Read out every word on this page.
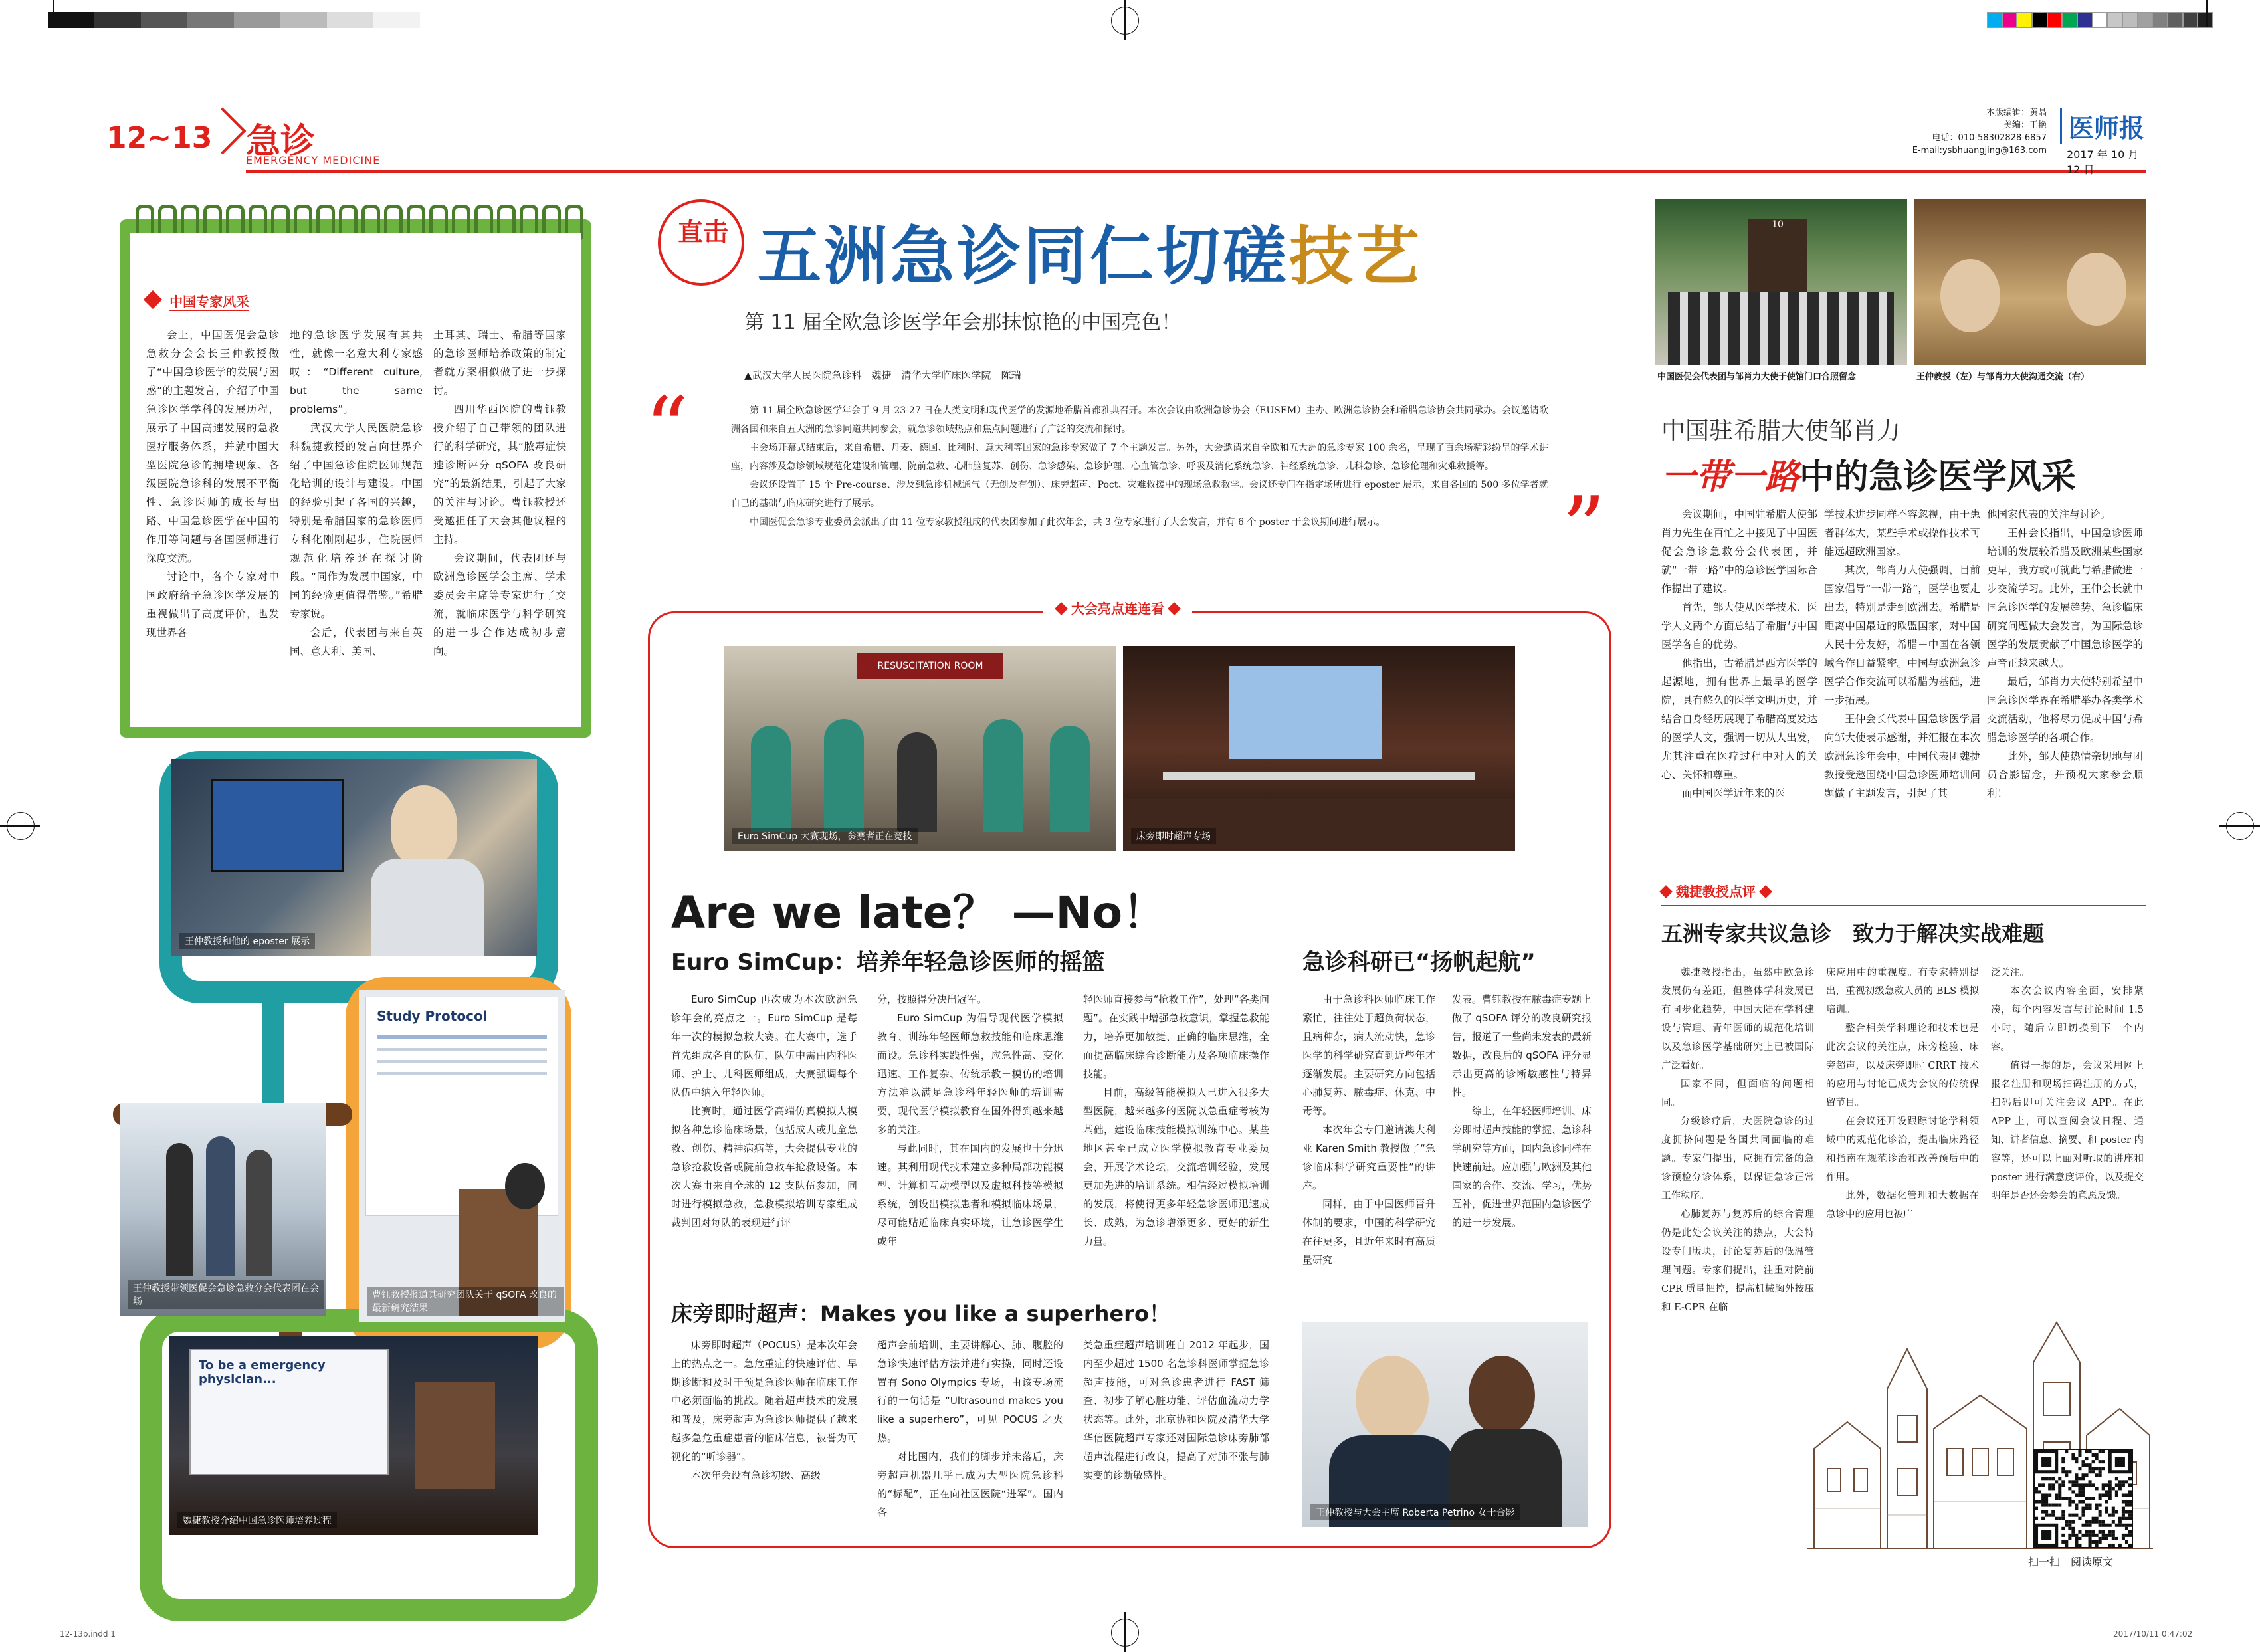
12~13 急诊
EMERGENCY MEDICINE
本版编辑：黄晶
美编：王艳
电话：010-58302828-6857
E-mail:ysbhuangjing@163.com
医师报
2017 年 10 月 12 日
中国专家风采

会上，中国医促会急诊急救分会会长王仲教授做了“中国急诊医学的发展与困惑”的主题发言，介绍了中国急诊医学学科的发展历程，展示了中国高速发展的急救医疗服务体系，并就中国大型医院急诊的拥堵现象、各级医院急诊科的发展不平衡性、急诊医师的成长与出路、中国急诊医学在中国的作用等问题与各国医师进行深度交流。

讨论中，各个专家对中国政府给予急诊医学发展的重视做出了高度评价，也发现世界各

地的急诊医学发展有其共性，就像一名意大利专家感叹：“Different culture, but the same problems”。

武汉大学人民医院急诊科魏捷教授的发言向世界介绍了中国急诊住院医师规范化培训的设计与建设。中国的经验引起了各国的兴趣，特别是希腊国家的急诊医师专科化刚刚起步，住院医师规范化培养还在探讨阶段。“同作为发展中国家，中国的经验更值得借鉴。”希腊专家说。

会后，代表团与来自英国、意大利、美国、

土耳其、瑞士、希腊等国家的急诊医师培养政策的制定者就方案相似做了进一步探讨。

四川华西医院的曹钰教授介绍了自己带领的团队进行的科学研究，其“脓毒症快速诊断评分 qSOFA 改良研究”的最新结果，引起了大家的关注与讨论。曹钰教授还受邀担任了大会其他议程的主持。

会议期间，代表团还与欧洲急诊医学会主席、学术委员会主席等专家进行了交流，就临床医学与科学研究的进一步合作达成初步意向。

王仲教授和他的 eposter 展示
王仲教授带领医促会急诊急救分会代表团在会场
Study Protocol
曹钰教授报道其研究团队关于 qSOFA 改良的最新研究结果
To be a emergency physician...
魏捷教授介绍中国急诊医师培养过程
直击 五洲急诊同仁切磋技艺
第 11 届全欧急诊医学年会那抹惊艳的中国亮色！
▲武汉大学人民医院急诊科　魏捷　清华大学临床医学院　陈瑞
“
”

第 11 届全欧急诊医学年会于 9 月 23-27 日在人类文明和现代医学的发源地希腊首都雅典召开。本次会议由欧洲急诊协会（EUSEM）主办、欧洲急诊协会和希腊急诊协会共同承办。会议邀请欧洲各国和来自五大洲的急诊同道共同参会，就急诊领域热点和焦点问题进行了广泛的交流和探讨。

主会场开幕式结束后，来自希腊、丹麦、德国、比利时、意大利等国家的急诊专家做了 7 个主题发言。另外，大会邀请来自全欧和五大洲的急诊专家 100 余名，呈现了百余场精彩纷呈的学术讲座，内容涉及急诊领域规范化建设和管理、院前急救、心肺脑复苏、创伤、急诊感染、急诊护理、心血管急诊、呼吸及消化系统急诊、神经系统急诊、儿科急诊、急诊伦理和灾难救援等。

会议还设置了 15 个 Pre-course、涉及到急诊机械通气（无创及有创）、床旁超声、Poct、灾难救援中的现场急救教学。会议还专门在指定场所进行 eposter 展示，来自各国的 500 多位学者就自己的基础与临床研究进行了展示。

中国医促会急诊专业委员会派出了由 11 位专家教授组成的代表团参加了此次年会，共 3 位专家进行了大会发言，并有 6 个 poster 于会议期间进行展示。

大会亮点连连看
RESUSCITATION ROOM
Euro SimCup 大赛现场，参赛者正在竞技	床旁即时超声专场
Are we late？ —No！
Euro SimCup：培养年轻急诊医师的摇篮

Euro SimCup 再次成为本次欧洲急诊年会的亮点之一。Euro SimCup 是每年一次的模拟急救大赛。在大赛中，选手首先组成各自的队伍，队伍中需由内科医师、护士、儿科医师组成，大赛强调每个队伍中纳入年轻医师。

比赛时，通过医学高端仿真模拟人模拟各种急诊临床场景，包括成人或儿童急救、创伤、精神病病等，大会提供专业的急诊抢救设备或院前急救车抢救设备。本次大赛由来自全球的 12 支队伍参加，同时进行模拟急救，急救模拟培训专家组成裁判团对每队的表现进行评

分，按照得分决出冠军。

Euro SimCup 为倡导现代医学模拟教育、训练年轻医师急救技能和临床思维而设。急诊科实践性强，应急性高、变化迅速、工作复杂、传统示教－模仿的培训方法难以满足急诊科年轻医师的培训需要，现代医学模拟教育在国外得到越来越多的关注。

与此同时，其在国内的发展也十分迅速。其利用现代技术建立多种局部功能模型、计算机互动模型以及虚拟科技等模拟系统，创设出模拟患者和模拟临床场景，尽可能贴近临床真实环境，让急诊医学生或年

轻医师直接参与“抢救工作”，处理“各类问题”。在实践中增强急救意识，掌握急救能力，培养更加敏捷、正确的临床思维，全面提高临床综合诊断能力及各项临床操作技能。

目前，高级智能模拟人已进入很多大型医院，越来越多的医院以急重症考核为基础，建设临床技能模拟训练中心。某些地区甚至已成立医学模拟教育专业委员会，开展学术论坛，交流培训经验，发展更加先进的培训系统。相信经过模拟培训的发展，将使得更多年轻急诊医师迅速成长、成熟，为急诊增添更多、更好的新生力量。

急诊科研已“扬帆起航”

由于急诊科医师临床工作繁忙，往往处于超负荷状态，且病种杂，病人流动快，急诊医学的科学研究直到近些年才逐渐发展。主要研究方向包括心肺复苏、脓毒症、休克、中毒等。

本次年会专门邀请澳大利亚 Karen Smith 教授做了“急诊临床科学研究重要性”的讲座。

同样，由于中国医师晋升体制的要求，中国的科学研究在往更多，且近年来时有高质量研究

发表。曹钰教授在脓毒症专题上做了 qSOFA 评分的改良研究报告，报道了一些尚未发表的最新数据，改良后的 qSOFA 评分显示出更高的诊断敏感性与特异性。

综上，在年轻医师培训、床旁即时超声技能的掌握、急诊科学研究等方面，国内急诊同样在快速前进。应加强与欧洲及其他国家的合作、交流、学习，优势互补，促进世界范围内急诊医学的进一步发展。

床旁即时超声：Makes you like a superhero！

床旁即时超声（POCUS）是本次年会上的热点之一。急危重症的快速评估、早期诊断和及时干预是急诊医师在临床工作中必须面临的挑战。随着超声技术的发展和普及，床旁超声为急诊医师提供了越来越多急危重症患者的临床信息，被誉为可视化的“听诊器”。

本次年会设有急诊初级、高级

超声会前培训，主要讲解心、肺、腹腔的急诊快速评估方法并进行实操，同时还设置有 Sono Olympics 专场，由该专场流行的一句话是 “Ultrasound makes you like a superhero”，可见 POCUS 之火热。

对比国内，我们的脚步并未落后，床旁超声机器几乎已成为大型医院急诊科的“标配”，正在向社区医院“进军”。国内各

类急重症超声培训班自 2012 年起步，国内至少超过 1500 名急诊科医师掌握急诊超声技能，可对急诊患者进行 FAST 筛查、初步了解心脏功能、评估血流动力学状态等。此外，北京协和医院及清华大学华信医院超声专家还对国际急诊床旁肺部超声流程进行改良，提高了对肺不张与肺实变的诊断敏感性。

王仲教授与大会主席 Roberta Petrino 女士合影
10
中国医促会代表团与邹肖力大使于使馆门口合照留念	王仲教授（左）与邹肖力大使沟通交流（右）
中国驻希腊大使邹肖力
一带一路中的急诊医学风采

会议期间，中国驻希腊大使邹肖力先生在百忙之中接见了中国医促会急诊急救分会代表团，并就“一带一路”中的急诊医学国际合作提出了建议。

首先，邹大使从医学技术、医学人文两个方面总结了希腊与中国医学各自的优势。

他指出，古希腊是西方医学的起源地，拥有世界上最早的医学院，具有悠久的医学文明历史，并结合自身经历展现了希腊高度发达的医学人文，强调一切从人出发，尤其注重在医疗过程中对人的关心、关怀和尊重。

而中国医学近年来的医

学技术进步同样不容忽视，由于患者群体大，某些手术或操作技术可能远超欧洲国家。

其次，邹肖力大使强调，目前国家倡导“一带一路”，医学也要走出去，特别是走到欧洲去。希腊是距离中国最近的欧盟国家，对中国人民十分友好，希腊－中国在各领域合作日益紧密。中国与欧洲急诊医学合作交流可以希腊为基础，进一步拓展。

王仲会长代表中国急诊医学届向邹大使表示感谢，并汇报在本次欧洲急诊年会中，中国代表团魏捷教授受邀围绕中国急诊医师培训问题做了主题发言，引起了其

他国家代表的关注与讨论。

王仲会长指出，中国急诊医师培训的发展较希腊及欧洲某些国家更早，我方或可就此与希腊做进一步交流学习。此外，王仲会长就中国急诊医学的发展趋势、急诊临床研究问题做大会发言，为国际急诊医学的发展贡献了中国急诊医学的声音正越来越大。

最后，邹肖力大使特别希望中国急诊医学界在希腊举办各类学术交流活动，他将尽力促成中国与希腊急诊医学的各项合作。

此外，邹大使热情亲切地与团员合影留念，并预祝大家参会顺利！

魏捷教授点评
五洲专家共议急诊　致力于解决实战难题

魏捷教授指出，虽然中欧急诊发展仍有差距，但整体学科发展已有同步化趋势，中国大陆在学科建设与管理、青年医师的规范化培训以及急诊医学基础研究上已被国际广泛看好。

国家不同，但面临的问题相同。

分级诊疗后，大医院急诊的过度拥挤问题是各国共同面临的难题。专家们提出，应拥有完备的急诊预检分诊体系，以保证急诊正常工作秩序。

心肺复苏与复苏后的综合管理仍是此处会议关注的热点，大会特设专门版块，讨论复苏后的低温管理问题。专家们提出，注重对院前 CPR 质量把控，提高机械胸外按压和 E-CPR 在临

床应用中的重视度。有专家特别提出，重视初级急救人员的 BLS 模拟培训。

整合相关学科理论和技术也是此次会议的关注点，床旁检验、床旁超声，以及床旁即时 CRRT 技术的应用与讨论已成为会议的传统保留节目。

在会议还开设跟踪讨论学科领域中的规范化诊治，提出临床路径和指南在规范诊治和改善预后中的作用。

此外，数据化管理和大数据在急诊中的应用也被广

泛关注。

本次会议内容全面，安排紧凑，每个内容发言与讨论时间 1.5 小时，随后立即切换到下一个内容。

值得一提的是，会议采用网上报名注册和现场扫码注册的方式，扫码后即可关注会议 APP。在此 APP 上，可以查阅会议日程、通知、讲者信息、摘要、和 poster 内容等，还可以上面对听取的讲座和 poster 进行满意度评价，以及提交明年是否还会参会的意愿反馈。

扫一扫　阅读原文
12-13b.indd 1	2017/10/11 0:47:02
